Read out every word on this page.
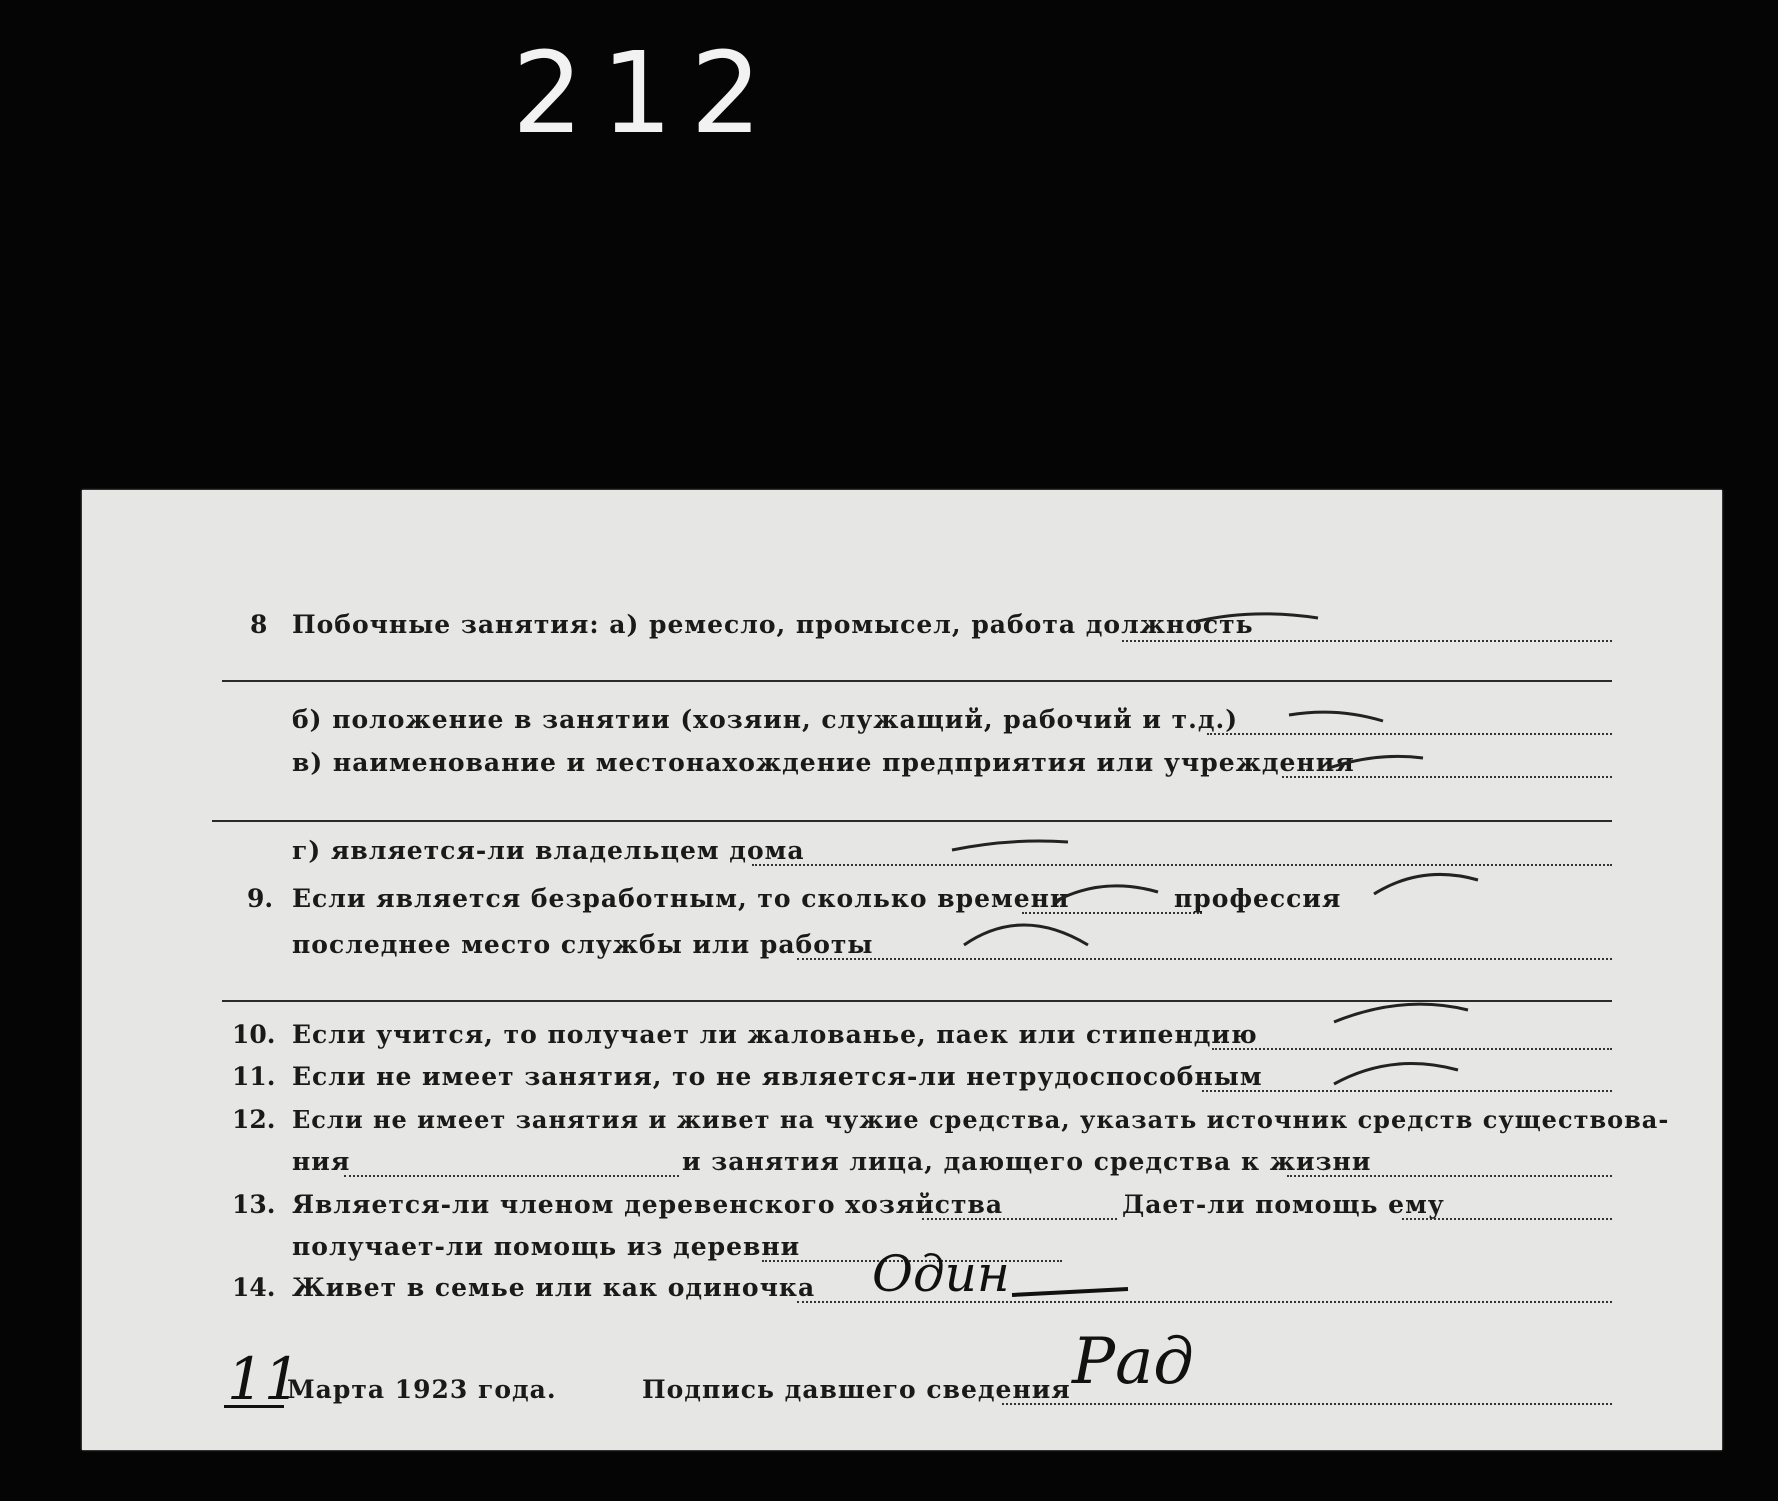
212
8 Побочные занятия: а) ремесло, промысел, работа должность
б) положение в занятии (хозяин, служащий, рабочий и т.д.)
в) наименование и местонахождение предприятия или учреждения
г) является-ли владельцем дома
9. Если является безработным, то сколько времени	профессия
последнее место службы или работы
10. Если учится, то получает ли жалованье, паек или стипендию
11. Если не имеет занятия, то не является-ли нетрудоспособным
12. Если не имеет занятия и живет на чужие средства, указать источник средств существова-
ния	и занятия лица, дающего средства к жизни
13. Является-ли членом деревенского хозяйства	Дает-ли помощь ему
получает-ли помощь из деревни
14. Живет в семье или как одиночка Один
11
Марта 1923 года.	Подпись давшего сведения Рад
